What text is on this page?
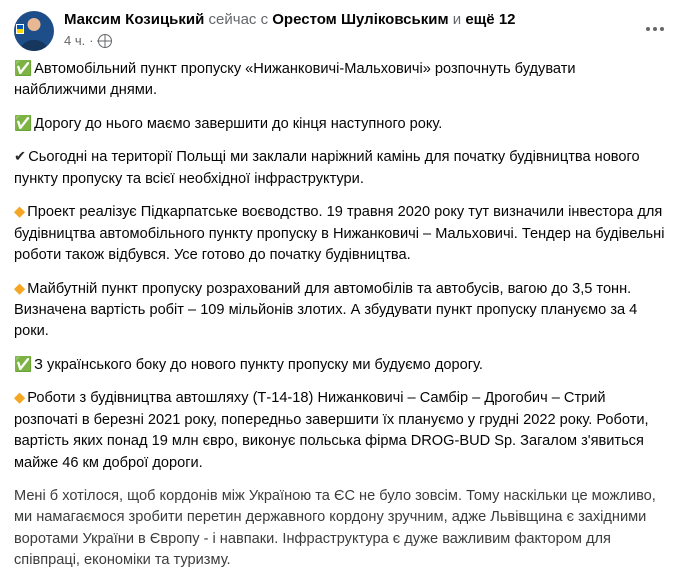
Максим Козицький сейчас с Орестом Шуліковським и ещё 12
4 ч. ·

✅ Автомобільний пункт пропуску «Нижанковичі-Мальховичі» розпочнуть будувати найближчими днями.

✅ Дорогу до нього маємо завершити до кінця наступного року.

✔ Сьогодні на території Польщі ми заклали наріжний камінь для початку будівництва нового пункту пропуску та всієї необхідної інфраструктури.

◆ Проект реалізує Підкарпатське воєводство. 19 травня 2020 року тут визначили інвестора для будівництва автомобільного пункту пропуску в Нижанковичі – Мальховичі. Тендер на будівельні роботи також відбувся. Усе готово до початку будівництва.

◆ Майбутній пункт пропуску розрахований для автомобілів та автобусів, вагою до 3,5 тонн. Визначена вартість робіт – 109 мільйонів злотих. А збудувати пункт пропуску плануємо за 4 роки.

✅ З українського боку до нового пункту пропуску ми будуємо дорогу.

◆ Роботи з будівництва автошляху (Т-14-18) Нижанковичі – Самбір – Дрогобич – Стрий розпочаті в березні 2021 року, попередньо завершити їх плануємо у грудні 2022 року. Роботи, вартість яких понад 19 млн євро, виконує польська фірма DROG-BUD Sp. Загалом з'явиться майже 46 км доброї дороги.

Мені б хотілося, щоб кордонів між Україною та ЄС не було зовсім. Тому наскільки це можливо, ми намагаємося зробити перетин державного кордону зручним, адже Львівщина є західними воротами України в Європу - і навпаки. Інфраструктура є дуже важливим фактором для співпраці, економіки та туризму.
